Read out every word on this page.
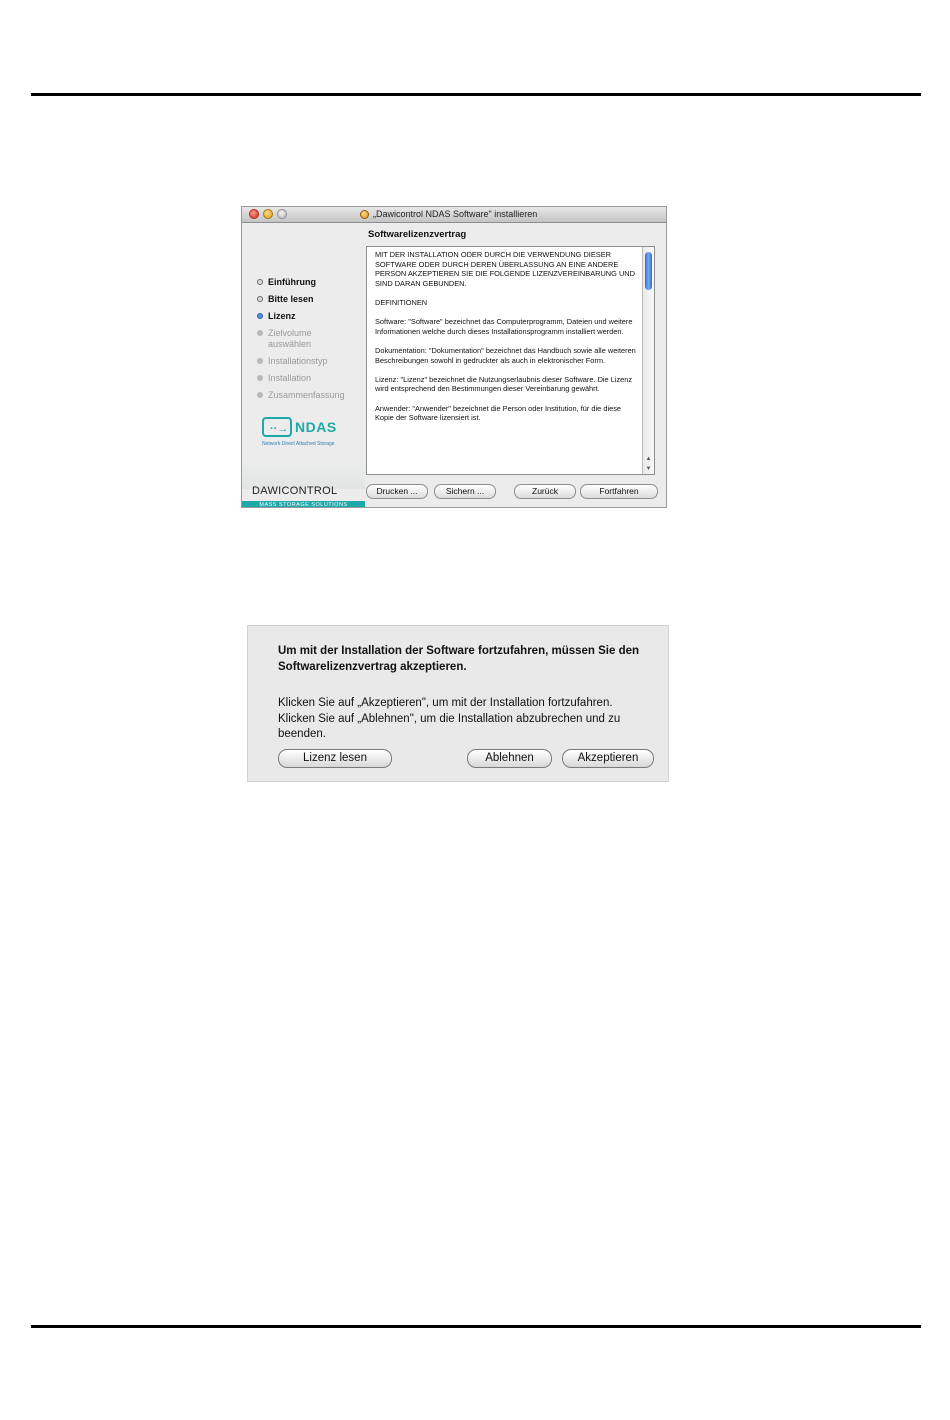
„Dawicontrol NDAS Software" installieren
Einführung
Bitte lesen
Lizenz
Zielvolume auswählen
Installationstyp
Installation
Zusammenfassung
··→ NDAS
Network Direct Attached Storage
DAWICONTROL
MASS STORAGE SOLUTIONS
Softwarelizenzvertrag

MIT DER INSTALLATION ODER DURCH DIE VERWENDUNG DIESER SOFTWARE ODER DURCH DEREN ÜBERLASSUNG AN EINE ANDERE PERSON AKZEPTIEREN SIE DIE FOLGENDE LIZENZVEREINBARUNG UND SIND DARAN GEBUNDEN.

DEFINITIONEN

Software: "Software" bezeichnet das Computerprogramm, Dateien und weitere Informationen welche durch dieses Installationsprogramm installiert werden.

Dokumentation: "Dokumentation" bezeichnet das Handbuch sowie alle weiteren Beschreibungen sowohl in gedruckter als auch in elektronischer Form.

Lizenz: "Lizenz" bezeichnet die Nutzungserlaubnis dieser Software. Die Lizenz wird entsprechend den Bestimmungen dieser Vereinbarung gewährt.

Anwender: "Anwender" bezeichnet die Person oder Institution, für die diese Kopie der Software lizensiert ist.

▲
▼
Drucken ...	Sichern ...	Zurück	Fortfahren
Um mit der Installation der Software fortzufahren, müssen Sie den Softwarelizenzvertrag akzeptieren.

Klicken Sie auf „Akzeptieren", um mit der Installation fortzufahren.

Klicken Sie auf „Ablehnen", um die Installation abzubrechen und zu beenden.

Lizenz lesen	Ablehnen	Akzeptieren
